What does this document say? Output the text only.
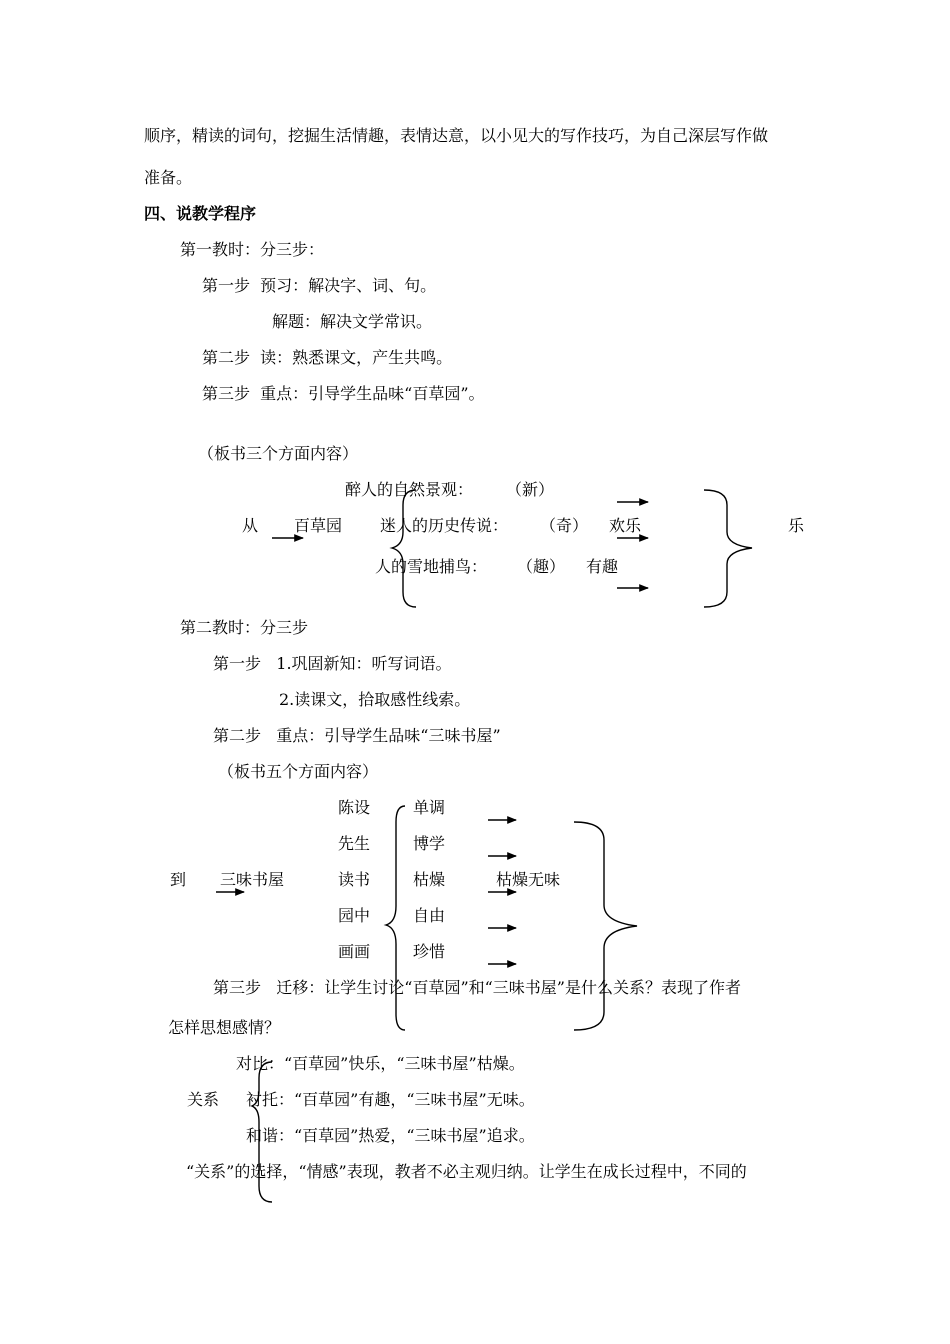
顺序，精读的词句，挖掘生活情趣，表情达意，以小见大的写作技巧，为自己深层写作做
准备。
四、说教学程序
第一教时：分三步：
第一步  预习：解决字、词、句。
解题：解决文学常识。
第二步  读：熟悉课文，产生共鸣。
第三步  重点：引导学生品味“百草园”。
（板书三个方面内容）
醉人的自然景观： （新）
从 百草园 迷人的历史传说： （奇） 欢乐	乐
人的雪地捕鸟： （趣） 有趣
第二教时：分三步
第一步   1.巩固新知：听写词语。
2.读课文，拾取感性线索。
第二步   重点：引导学生品味“三味书屋”
（板书五个方面内容）
陈设	单调
先生	博学
到 三味书屋	读书	枯燥	枯燥无味
园中	自由
画画	珍惜
第三步   迁移：让学生讨论“百草园”和“三味书屋”是什么关系？表现了作者
怎样思想感情？
对比：“百草园”快乐，“三味书屋”枯燥。
关系 衬托：“百草园”有趣，“三味书屋”无味。
和谐：“百草园”热爱，“三味书屋”追求。
“关系”的选择，“情感”表现，教者不必主观归纳。让学生在成长过程中，不同的
